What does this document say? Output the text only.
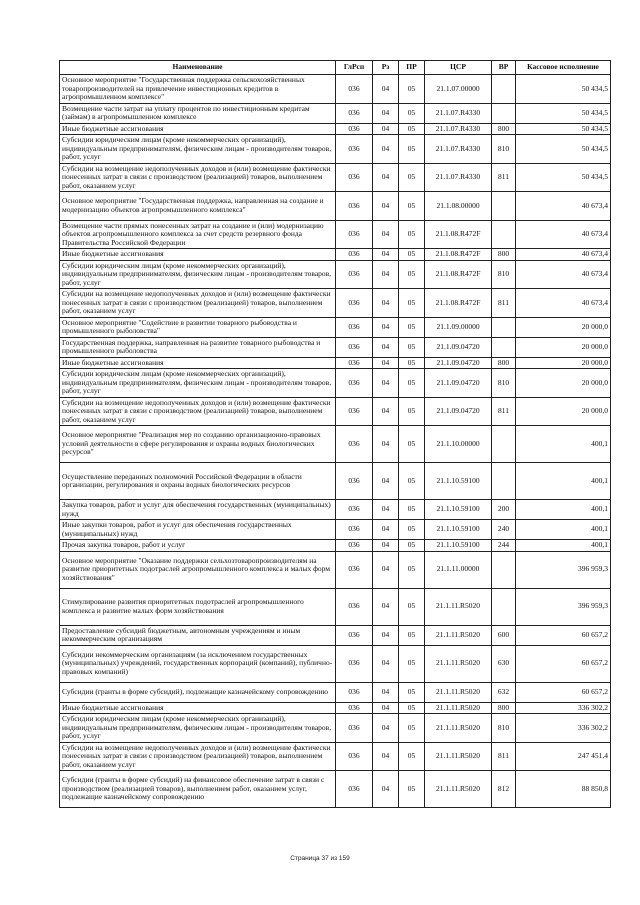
Наименование	ГлРсп	Рз	ПР	ЦСР	ВР	Кассовое исполнение
Основное мероприятие "Государственная поддержка сельскохозяйственных товаропроизводителей на привлечение инвестиционных кредитов в агропромышленном комплексе"	036	04	05	21.1.07.00000		50 434,5
Возмещение части затрат на уплату процентов по инвестиционным кредитам (займам) в агропромышленном комплексе	036	04	05	21.1.07.R4330		50 434,5
Иные бюджетные ассигнования	036	04	05	21.1.07.R4330	800	50 434,5
Субсидии юридическим лицам (кроме некоммерческих организаций), индивидуальным предпринимателям, физическим лицам - производителям товаров, работ, услуг	036	04	05	21.1.07.R4330	810	50 434,5
Субсидии на возмещение недополученных доходов и (или) возмещение фактически понесенных затрат в связи с производством (реализацией) товаров, выполнением работ, оказанием услуг	036	04	05	21.1.07.R4330	811	50 434,5
Основное мероприятие "Государственная поддержка, направленная на создание и модернизацию объектов агропромышленного комплекса"	036	04	05	21.1.08.00000		40 673,4
Возмещение части прямых понесенных затрат на создание и (или) модернизацию объектов агропромышленного комплекса за счет средств резервного фонда Правительства Российской Федерации	036	04	05	21.1.08.R472F		40 673,4
Иные бюджетные ассигнования	036	04	05	21.1.08.R472F	800	40 673,4
Субсидии юридическим лицам (кроме некоммерческих организаций), индивидуальным предпринимателям, физическим лицам - производителям товаров, работ, услуг	036	04	05	21.1.08.R472F	810	40 673,4
Субсидии на возмещение недополученных доходов и (или) возмещение фактически понесенных затрат в связи с производством (реализацией) товаров, выполнением работ, оказанием услуг	036	04	05	21.1.08.R472F	811	40 673,4
Основное мероприятие "Содействие в развитии товарного рыбоводства и промышленного рыболовства"	036	04	05	21.1.09.00000		20 000,0
Государственная поддержка, направленная на развитие товарного рыбоводства и промышленного рыболовства	036	04	05	21.1.09.04720		20 000,0
Иные бюджетные ассигнования	036	04	05	21.1.09.04720	800	20 000,0
Субсидии юридическим лицам (кроме некоммерческих организаций), индивидуальным предпринимателям, физическим лицам - производителям товаров, работ, услуг	036	04	05	21.1.09.04720	810	20 000,0
Субсидии на возмещение недополученных доходов и (или) возмещение фактически понесенных затрат в связи с производством (реализацией) товаров, выполнением работ, оказанием услуг	036	04	05	21.1.09.04720	811	20 000,0
Основное мероприятие "Реализация мер по созданию организационно-правовых условий деятельности в сфере регулирования и охраны водных биологических ресурсов"	036	04	05	21.1.10.00000		400,1
Осуществление переданных полномочий Российской Федерации в области организации, регулирования и охраны водных биологических ресурсов	036	04	05	21.1.10.59100		400,1
Закупка товаров, работ и услуг для обеспечения государственных (муниципальных) нужд	036	04	05	21.1.10.59100	200	400,1
Иные закупки товаров, работ и услуг для обеспечения государственных (муниципальных) нужд	036	04	05	21.1.10.59100	240	400,1
Прочая закупка товаров, работ и услуг	036	04	05	21.1.10.59100	244	400,1
Основное мероприятие "Оказание поддержки сельхозтоваропроизводителям на развитие приоритетных подотраслей агропромышленного комплекса и малых форм хозяйствования"	036	04	05	21.1.11.00000		396 959,3
Стимулирование развития приоритетных подотраслей агропромышленного комплекса и развитие малых форм хозяйствования	036	04	05	21.1.11.R5020		396 959,3
Предоставление субсидий бюджетным, автономным учреждениям и иным некоммерческим организациям	036	04	05	21.1.11.R5020	600	60 657,2
Субсидии некоммерческим организациям (за исключением государственных (муниципальных) учреждений, государственных корпораций (компаний), публично-правовых компаний)	036	04	05	21.1.11.R5020	630	60 657,2
Субсидии (гранты в форме субсидий), подлежащие казначейскому сопровождению	036	04	05	21.1.11.R5020	632	60 657,2
Иные бюджетные ассигнования	036	04	05	21.1.11.R5020	800	336 302,2
Субсидии юридическим лицам (кроме некоммерческих организаций), индивидуальным предпринимателям, физическим лицам - производителям товаров, работ, услуг	036	04	05	21.1.11.R5020	810	336 302,2
Субсидии на возмещение недополученных доходов и (или) возмещение фактически понесенных затрат в связи с производством (реализацией) товаров, выполнением работ, оказанием услуг	036	04	05	21.1.11.R5020	811	247 451,4
Субсидии (гранты в форме субсидий) на финансовое обеспечение затрат в связи с производством (реализацией товаров), выполнением работ, оказанием услуг, подлежащие казначейскому сопровождению	036	04	05	21.1.11.R5020	812	88 850,8
Страница 37 из 159
